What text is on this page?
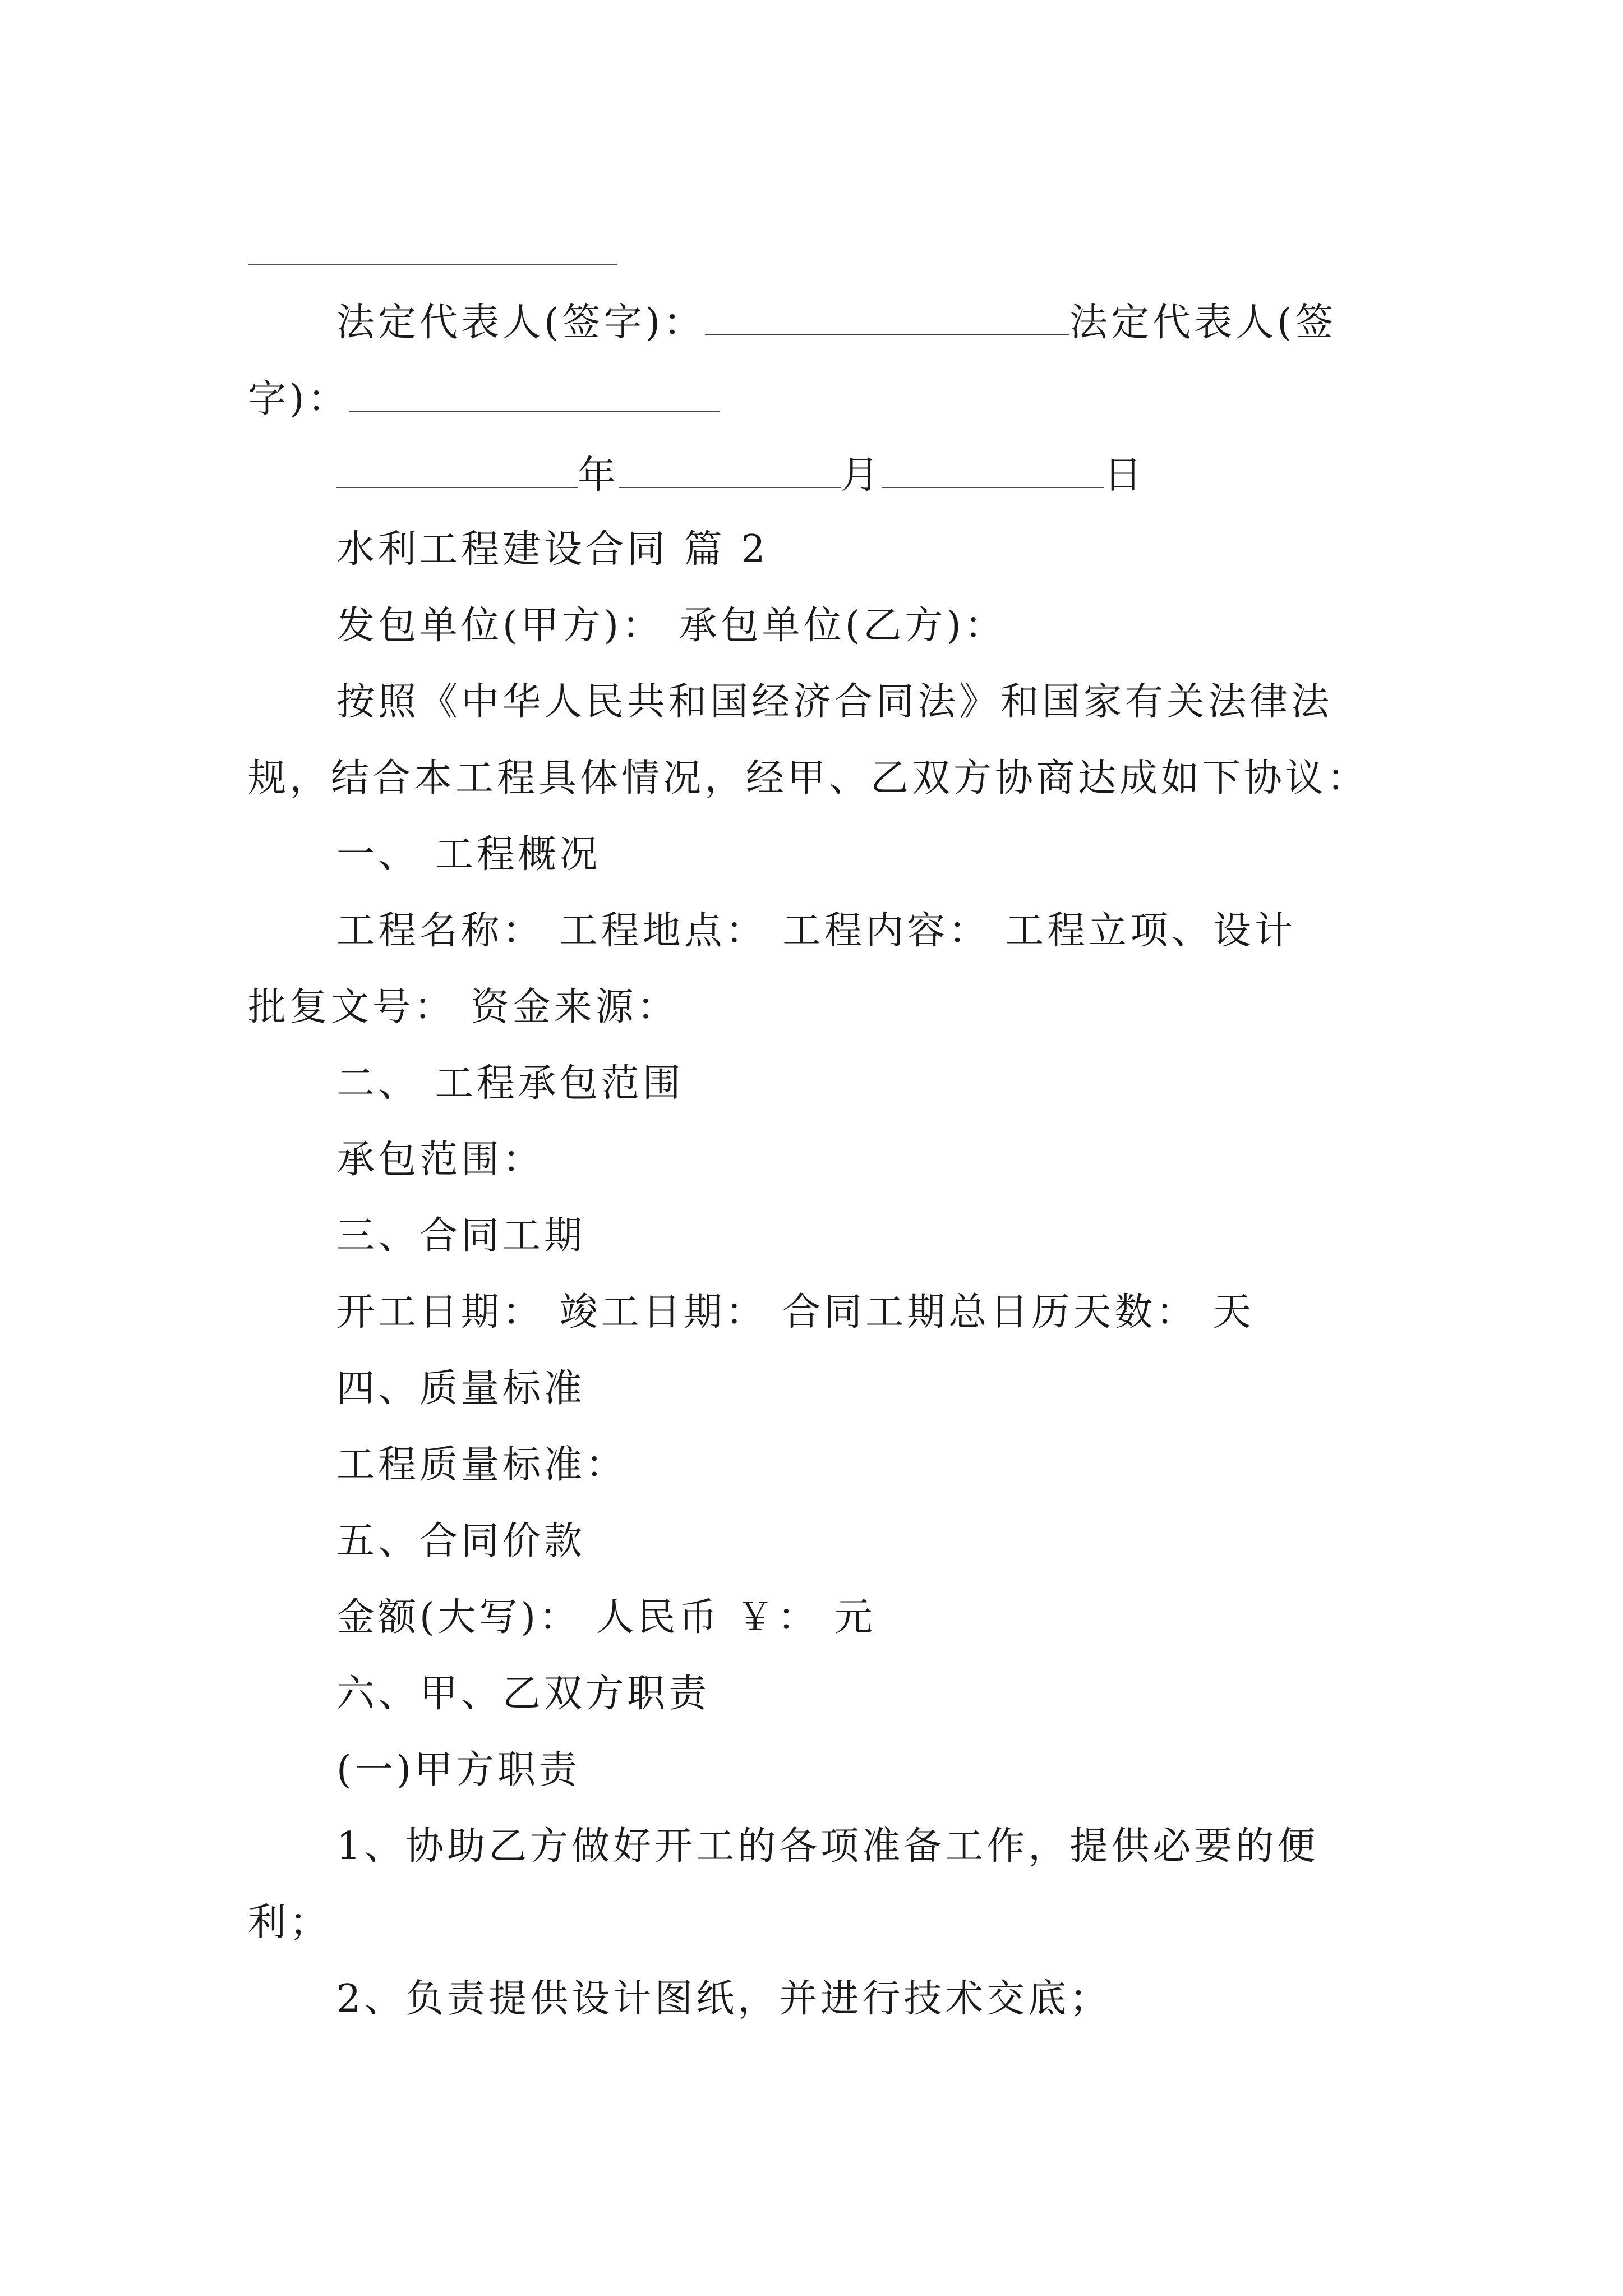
法定代表人(签字)：	法定代表人(签
字)：
年	月	日
水利工程建设合同 篇 2
发包单位(甲方)： 承包单位(乙方)：
按照《中华人民共和国经济合同法》和国家有关法律法
规，结合本工程具体情况，经甲、乙双方协商达成如下协议：
一、 工程概况
工程名称： 工程地点： 工程内容： 工程立项、设计
批复文号： 资金来源：
二、 工程承包范围
承包范围：
三、合同工期
开工日期： 竣工日期： 合同工期总日历天数： 天
四、质量标准
工程质量标准：
五、合同价款
金额(大写)： 人民币 ￥： 元
六、甲、乙双方职责
(一)甲方职责
1、协助乙方做好开工的各项准备工作，提供必要的便
利；
2、负责提供设计图纸，并进行技术交底；
